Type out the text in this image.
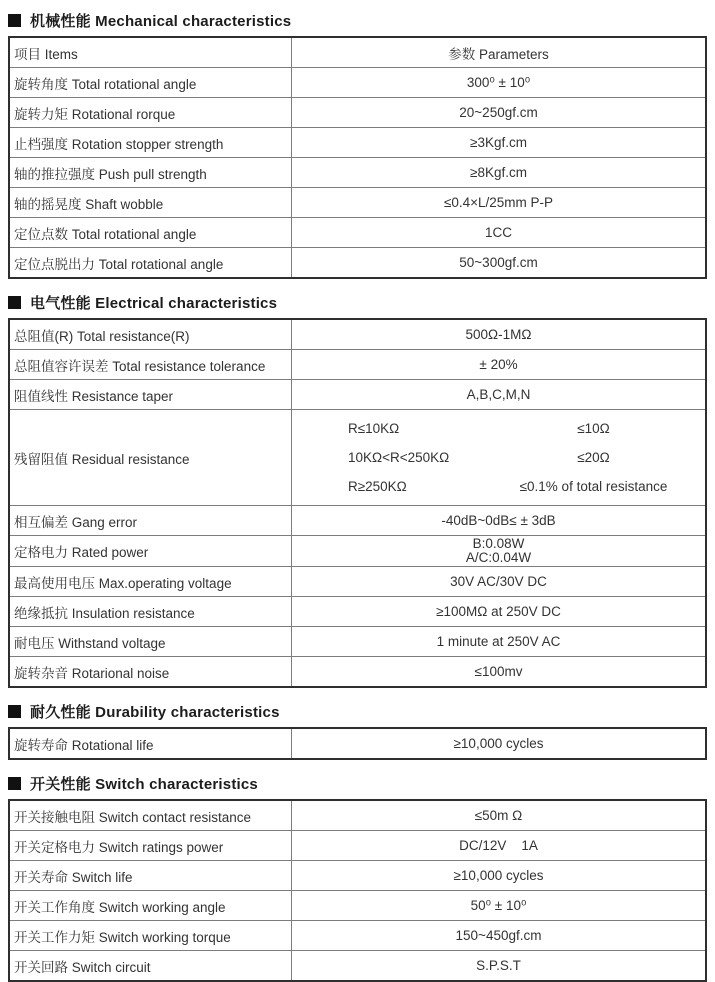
机械性能 Mechanical characteristics
项目 Items	参数 Parameters
旋转角度 Total rotational angle	300⁰ ± 10⁰
旋转力矩 Rotational rorque	20~250gf.cm
止档强度 Rotation stopper strength	≥3Kgf.cm
轴的推拉强度 Push pull strength	≥8Kgf.cm
轴的摇晃度 Shaft wobble	≤0.4×L/25mm P-P
定位点数 Total rotational angle	1CC
定位点脱出力 Total rotational angle	50~300gf.cm
电气性能 Electrical characteristics
总阻值(R) Total resistance(R)	500Ω-1MΩ
总阻值容许误差 Total resistance tolerance	± 20%
阻值线性 Resistance taper	A,B,C,M,N
残留阻值 Residual resistance	
R≤10KΩ	≤10Ω
10KΩ<R<250KΩ	≤20Ω
R≥250KΩ	≤0.1% of total resistance

相互偏差 Gang error	-40dB~0dB≤ ± 3dB
定格电力 Rated power	B:0.08W
A/C:0.04W

最高使用电压 Max.operating voltage	30V AC/30V DC
绝缘抵抗 Insulation resistance	≥100MΩ at 250V DC
耐电压 Withstand voltage	1 minute at 250V AC
旋转杂音 Rotarional noise	≤100mv
耐久性能 Durability characteristics
旋转寿命 Rotational life	≥10,000 cycles
开关性能 Switch characteristics
开关接触电阻 Switch contact resistance	≤50m Ω
开关定格电力 Switch ratings power	DC/12V    1A
开关寿命 Switch life	≥10,000 cycles
开关工作角度 Switch working angle	50⁰ ± 10⁰
开关工作力矩 Switch working torque	150~450gf.cm
开关回路 Switch circuit	S.P.S.T
